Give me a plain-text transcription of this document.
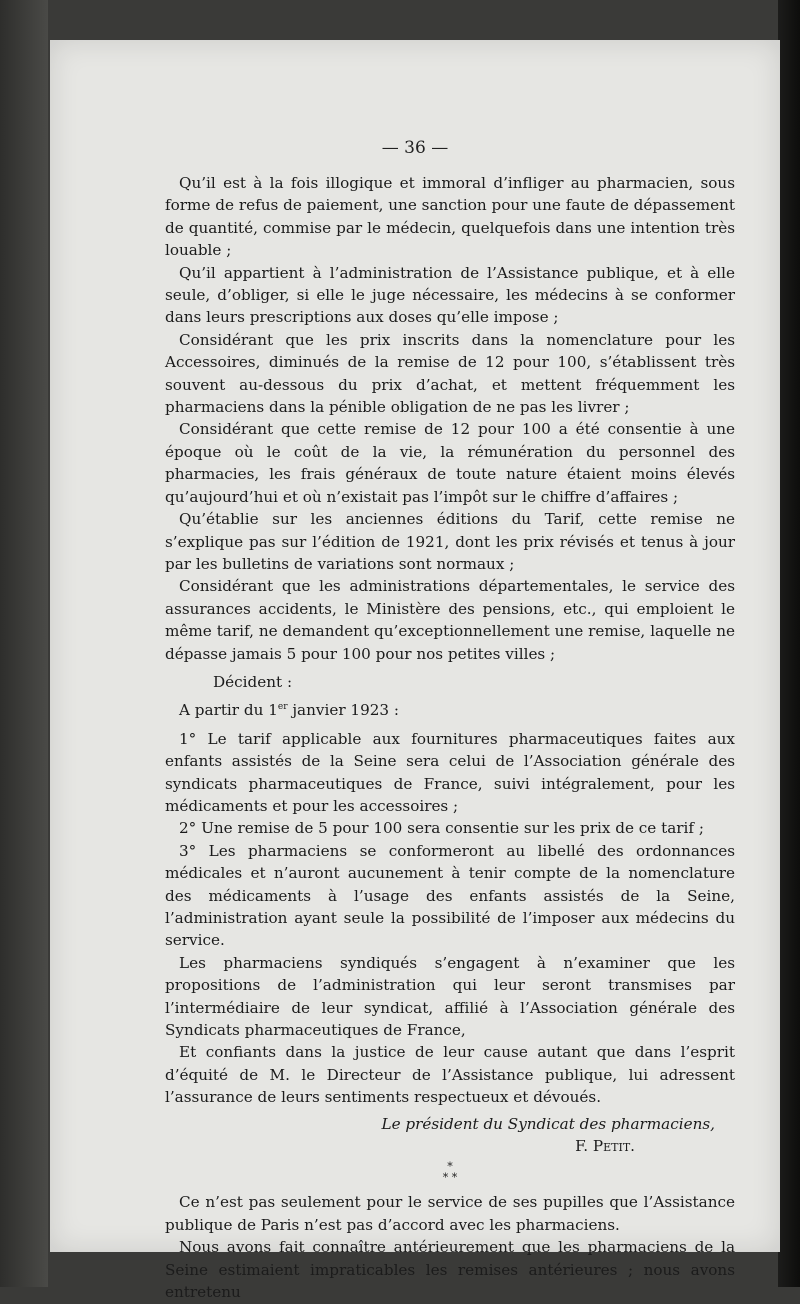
— 36 —

Qu’il est à la fois illogique et immoral d’infliger au pharmacien, sous forme de refus de paiement, une sanction pour une faute de dépassement de quantité, commise par le médecin, quelquefois dans une intention très louable ;

Qu’il appartient à l’administration de l’Assistance publique, et à elle seule, d’obliger, si elle le juge nécessaire, les médecins à se conformer dans leurs prescriptions aux doses qu’elle impose ;

Considérant que les prix inscrits dans la nomenclature pour les Accessoires, diminués de la remise de 12 pour 100, s’établissent très souvent au-dessous du prix d’achat, et mettent fréquemment les pharmaciens dans la pénible obligation de ne pas les livrer ;

Considérant que cette remise de 12 pour 100 a été consentie à une époque où le coût de la vie, la rémunération du personnel des pharmacies, les frais généraux de toute nature étaient moins élevés qu’aujourd’hui et où n’existait pas l’impôt sur le chiffre d’affaires ;

Qu’établie sur les anciennes éditions du Tarif, cette remise ne s’explique pas sur l’édition de 1921, dont les prix révisés et tenus à jour par les bulletins de variations sont normaux ;

Considérant que les administrations départementales, le service des assurances accidents, le Ministère des pensions, etc., qui emploient le même tarif, ne demandent qu’exceptionnellement une remise, laquelle ne dépasse jamais 5 pour 100 pour nos petites villes ;

Décident :

A partir du 1er janvier 1923 :

1° Le tarif applicable aux fournitures pharmaceutiques faites aux enfants assistés de la Seine sera celui de l’Association générale des syndicats pharmaceutiques de France, suivi intégralement, pour les médicaments et pour les accessoires ;

2° Une remise de 5 pour 100 sera consentie sur les prix de ce tarif ;

3° Les pharmaciens se conformeront au libellé des ordonnances médicales et n’auront aucunement à tenir compte de la nomenclature des médicaments à l’usage des enfants assistés de la Seine, l’administration ayant seule la possibilité de l’imposer aux médecins du service.

Les pharmaciens syndiqués s’engagent à n’examiner que les propositions de l’administration qui leur seront transmises par l’intermédiaire de leur syndicat, affilié à l’Association générale des Syndicats pharmaceutiques de France,

Et confiants dans la justice de leur cause autant que dans l’esprit d’équité de M. le Directeur de l’Assistance publique, lui adressent l’assurance de leurs sentiments respectueux et dévoués.

Le président du Syndicat des pharmaciens,
F. Petit.
*
* *

Ce n’est pas seulement pour le service de ses pupilles que l’Assistance publique de Paris n’est pas d’accord avec les pharmaciens.

Nous avons fait connaître antérieurement que les pharmaciens de la Seine estimaient impraticables les remises antérieures ; nous avons entretenu
